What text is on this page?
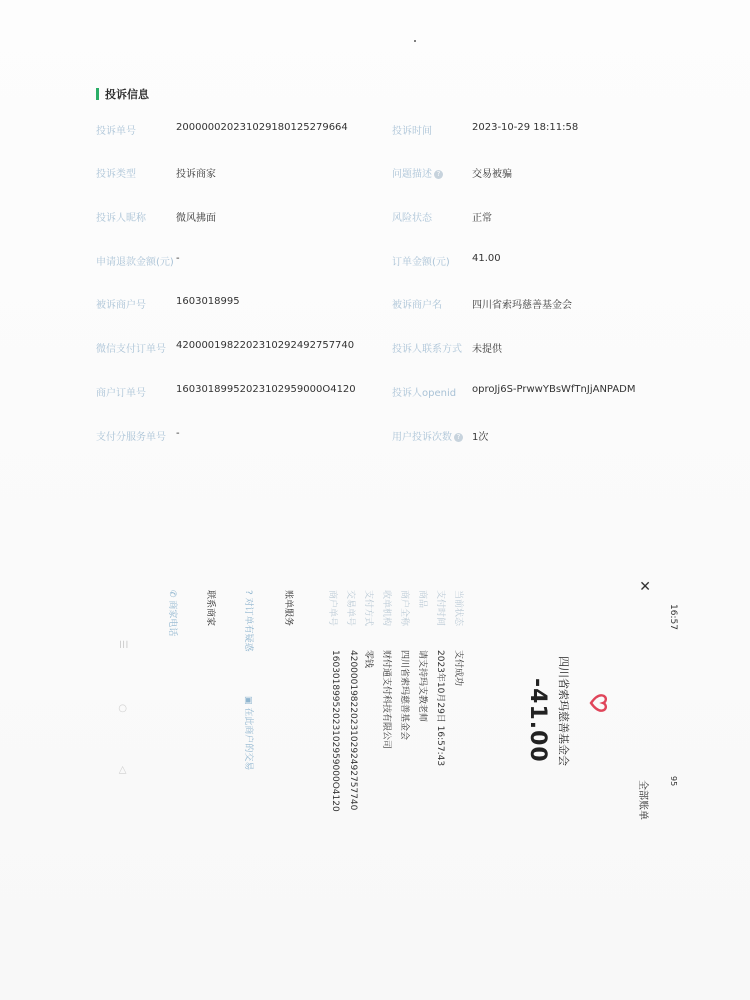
投诉信息
投诉单号	200000020231029180125279664
投诉类型	投诉商家
投诉人昵称	微风拂面
申请退款金额(元) -
被诉商户号	1603018995
微信支付订单号 4200001982202310292492757740
商户订单号	16030189952023102959000O4120
支付分服务单号 -
投诉时间	2023-10-29 18:11:58
问题描述 ?	交易被骗
风险状态	正常
订单金额(元) 41.00
被诉商户名	四川省索玛慈善基金会
投诉人联系方式 未提供
投诉人openid oproJj6S-PrwwYBsWfTnJjANPADM
用户投诉次数 ? 1次
16:57
95
✕
全部账单
四川省索玛慈善基金会
-41.00
当前状态
支付成功
支付时间
2023年10月29日 16:57:43
商品
请支持玛支教老师
商户全称
四川省索玛慈善基金会
收单机构
财付通支付科技有限公司
支付方式
零钱
交易单号
4200001982202310292492757740
商户单号
16030189952023102959000O4120
账单服务
? 对订单有疑惑
▣ 在此商户的交易
联系商家
✆ 商家电话
☰
○
◁
